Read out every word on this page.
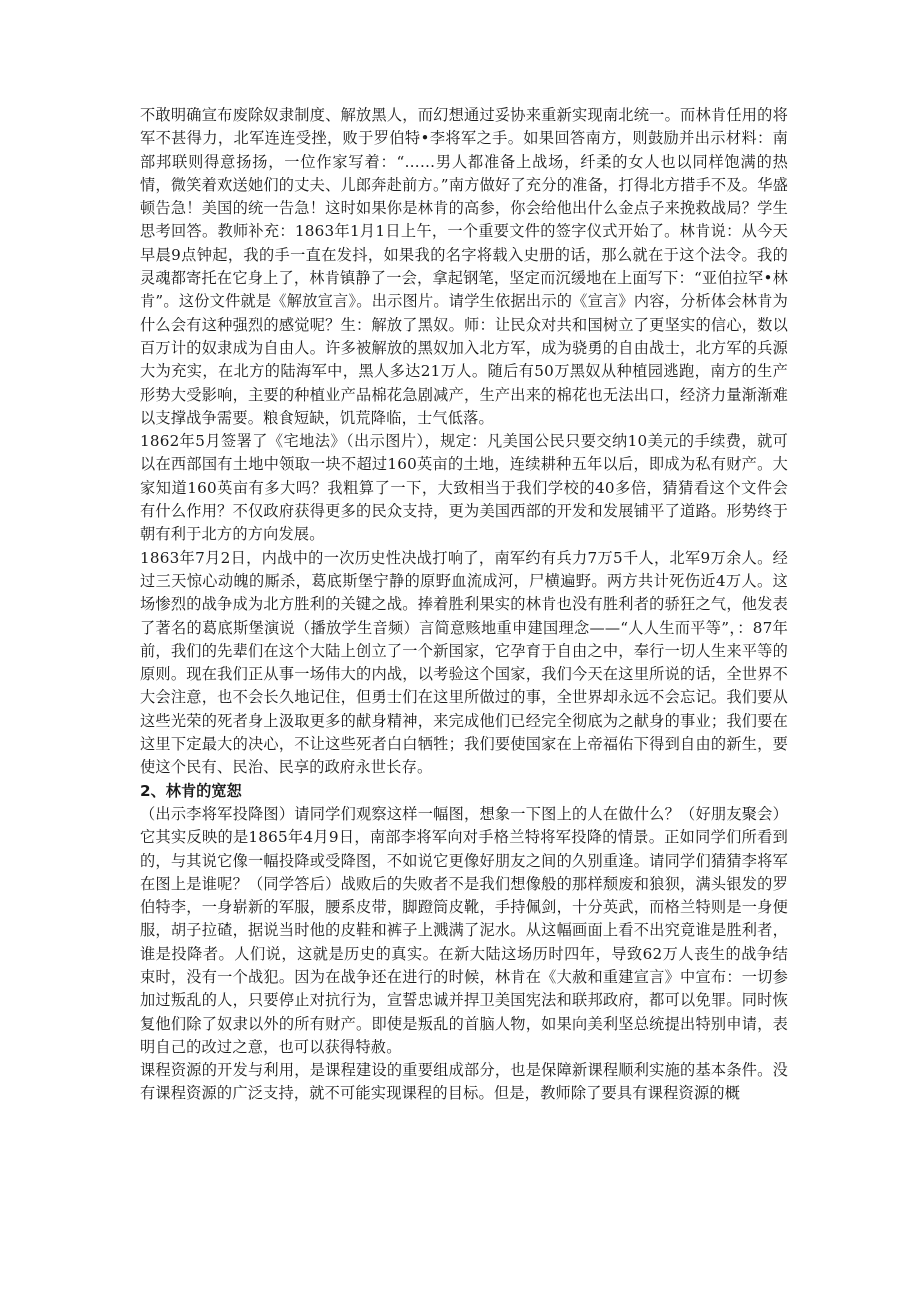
不敢明确宣布废除奴隶制度、解放黑人，而幻想通过妥协来重新实现南北统一。而林肯任用的将军不甚得力，北军连连受挫，败于罗伯特•李将军之手。如果回答南方，则鼓励并出示材料：南部邦联则得意扬扬，一位作家写着：“……男人都准备上战场，纤柔的女人也以同样饱满的热情，微笑着欢送她们的丈夫、儿郎奔赴前方。”南方做好了充分的准备，打得北方措手不及。华盛顿告急！美国的统一告急！这时如果你是林肯的高参，你会给他出什么金点子来挽救战局？学生思考回答。教师补充：1863年1月1日上午，一个重要文件的签字仪式开始了。林肯说：从今天早晨9点钟起，我的手一直在发抖，如果我的名字将载入史册的话，那么就在于这个法令。我的灵魂都寄托在它身上了，林肯镇静了一会，拿起钢笔，坚定而沉缓地在上面写下：“亚伯拉罕•林肯”。这份文件就是《解放宣言》。出示图片。请学生依据出示的《宣言》内容，分析体会林肯为什么会有这种强烈的感觉呢？生：解放了黑奴。师：让民众对共和国树立了更坚实的信心，数以百万计的奴隶成为自由人。许多被解放的黑奴加入北方军，成为骁勇的自由战士，北方军的兵源大为充实，在北方的陆海军中，黑人多达21万人。随后有50万黑奴从种植园逃跑，南方的生产形势大受影响，主要的种植业产品棉花急剧减产，生产出来的棉花也无法出口，经济力量渐渐难以支撑战争需要。粮食短缺，饥荒降临，士气低落。

1862年5月签署了《宅地法》（出示图片），规定：凡美国公民只要交纳10美元的手续费，就可以在西部国有土地中领取一块不超过160英亩的土地，连续耕种五年以后，即成为私有财产。大家知道160英亩有多大吗？我粗算了一下，大致相当于我们学校的40多倍，猜猜看这个文件会有什么作用？不仅政府获得更多的民众支持，更为美国西部的开发和发展铺平了道路。形势终于朝有利于北方的方向发展。

1863年7月2日，内战中的一次历史性决战打响了，南军约有兵力7万5千人，北军9万余人。经过三天惊心动魄的厮杀，葛底斯堡宁静的原野血流成河，尸横遍野。两方共计死伤近4万人。这场惨烈的战争成为北方胜利的关键之战。捧着胜利果实的林肯也没有胜利者的骄狂之气，他发表了著名的葛底斯堡演说（播放学生音频）言简意赅地重申建国理念——“人人生而平等”，：87年前，我们的先辈们在这个大陆上创立了一个新国家，它孕育于自由之中，奉行一切人生来平等的原则。现在我们正从事一场伟大的内战，以考验这个国家，我们今天在这里所说的话，全世界不大会注意，也不会长久地记住，但勇士们在这里所做过的事，全世界却永远不会忘记。我们要从这些光荣的死者身上汲取更多的献身精神，来完成他们已经完全彻底为之献身的事业；我们要在这里下定最大的决心，不让这些死者白白牺牲；我们要使国家在上帝福佑下得到自由的新生，要使这个民有、民治、民享的政府永世长存。

2、林肯的宽恕

（出示李将军投降图）请同学们观察这样一幅图，想象一下图上的人在做什么？（好朋友聚会）它其实反映的是1865年4月9日，南部李将军向对手格兰特将军投降的情景。正如同学们所看到的，与其说它像一幅投降或受降图，不如说它更像好朋友之间的久别重逢。请同学们猜猜李将军在图上是谁呢？（同学答后）战败后的失败者不是我们想像般的那样颓废和狼狈，满头银发的罗伯特李，一身崭新的军服，腰系皮带，脚蹬筒皮靴，手持佩剑，十分英武，而格兰特则是一身便服，胡子拉碴，据说当时他的皮鞋和裤子上溅满了泥水。从这幅画面上看不出究竟谁是胜利者，谁是投降者。人们说，这就是历史的真实。在新大陆这场历时四年，导致62万人丧生的战争结束时，没有一个战犯。因为在战争还在进行的时候，林肯在《大赦和重建宣言》中宣布：一切参加过叛乱的人，只要停止对抗行为，宣誓忠诚并捍卫美国宪法和联邦政府，都可以免罪。同时恢复他们除了奴隶以外的所有财产。即使是叛乱的首脑人物，如果向美利坚总统提出特别申请，表明自己的改过之意，也可以获得特赦。

课程资源的开发与利用，是课程建设的重要组成部分，也是保障新课程顺利实施的基本条件。没有课程资源的广泛支持，就不可能实现课程的目标。但是，教师除了要具有课程资源的概
